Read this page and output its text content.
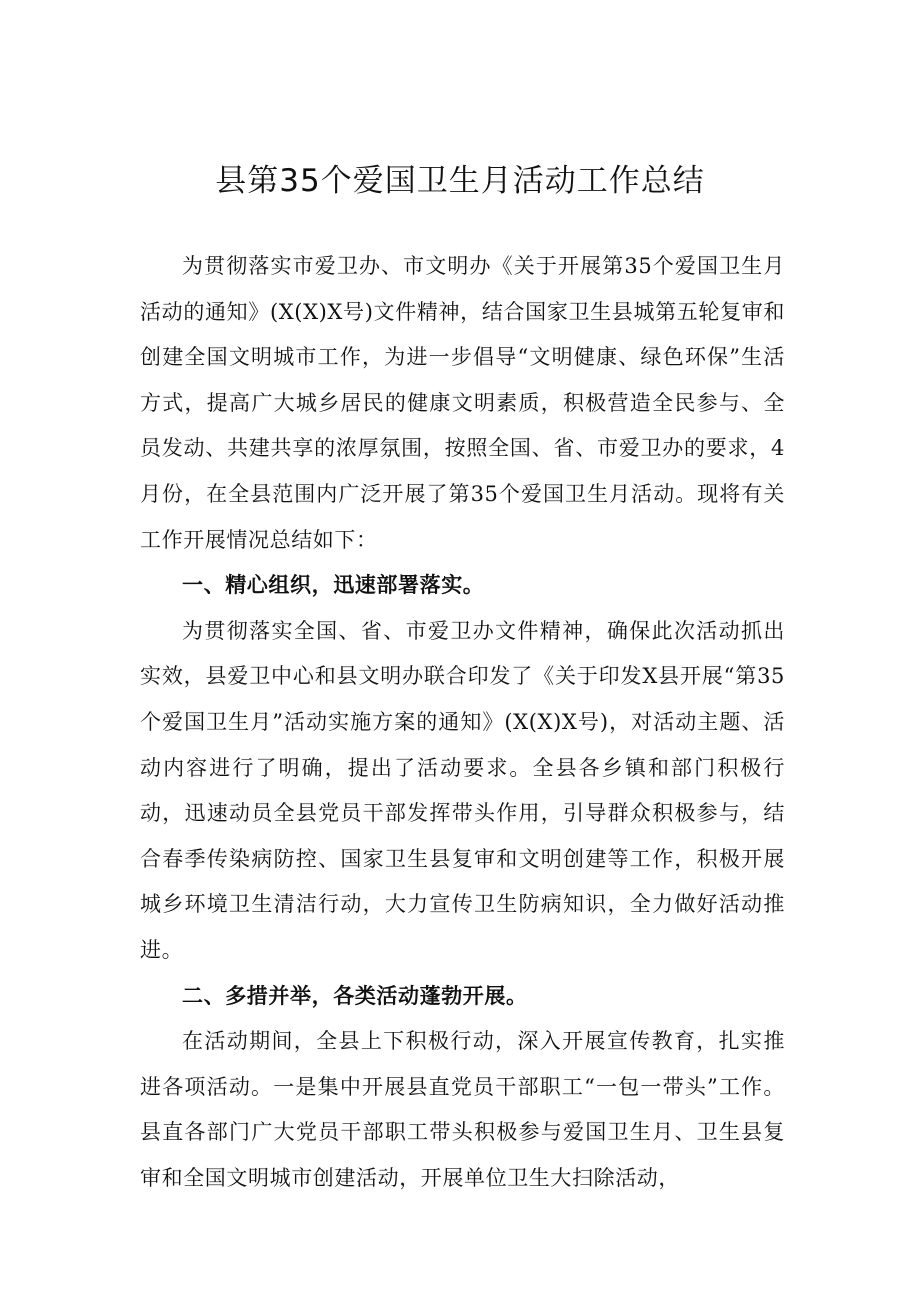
县第35个爱国卫生月活动工作总结

为贯彻落实市爱卫办、市文明办《关于开展第35个爱国卫生月活动的通知》(X(X)X号)文件精神，结合国家卫生县城第五轮复审和创建全国文明城市工作，为进一步倡导“文明健康、绿色环保”生活方式，提高广大城乡居民的健康文明素质，积极营造全民参与、全员发动、共建共享的浓厚氛围，按照全国、省、市爱卫办的要求，4月份，在全县范围内广泛开展了第35个爱国卫生月活动。现将有关工作开展情况总结如下：

一、精心组织，迅速部署落实。

为贯彻落实全国、省、市爱卫办文件精神，确保此次活动抓出实效，县爱卫中心和县文明办联合印发了《关于印发X县开展“第35个爱国卫生月”活动实施方案的通知》(X(X)X号)，对活动主题、活动内容进行了明确，提出了活动要求。全县各乡镇和部门积极行动，迅速动员全县党员干部发挥带头作用，引导群众积极参与，结合春季传染病防控、国家卫生县复审和文明创建等工作，积极开展城乡环境卫生清洁行动，大力宣传卫生防病知识，全力做好活动推进。

二、多措并举，各类活动蓬勃开展。

在活动期间，全县上下积极行动，深入开展宣传教育，扎实推进各项活动。一是集中开展县直党员干部职工“一包一带头”工作。县直各部门广大党员干部职工带头积极参与爱国卫生月、卫生县复审和全国文明城市创建活动，开展单位卫生大扫除活动，
